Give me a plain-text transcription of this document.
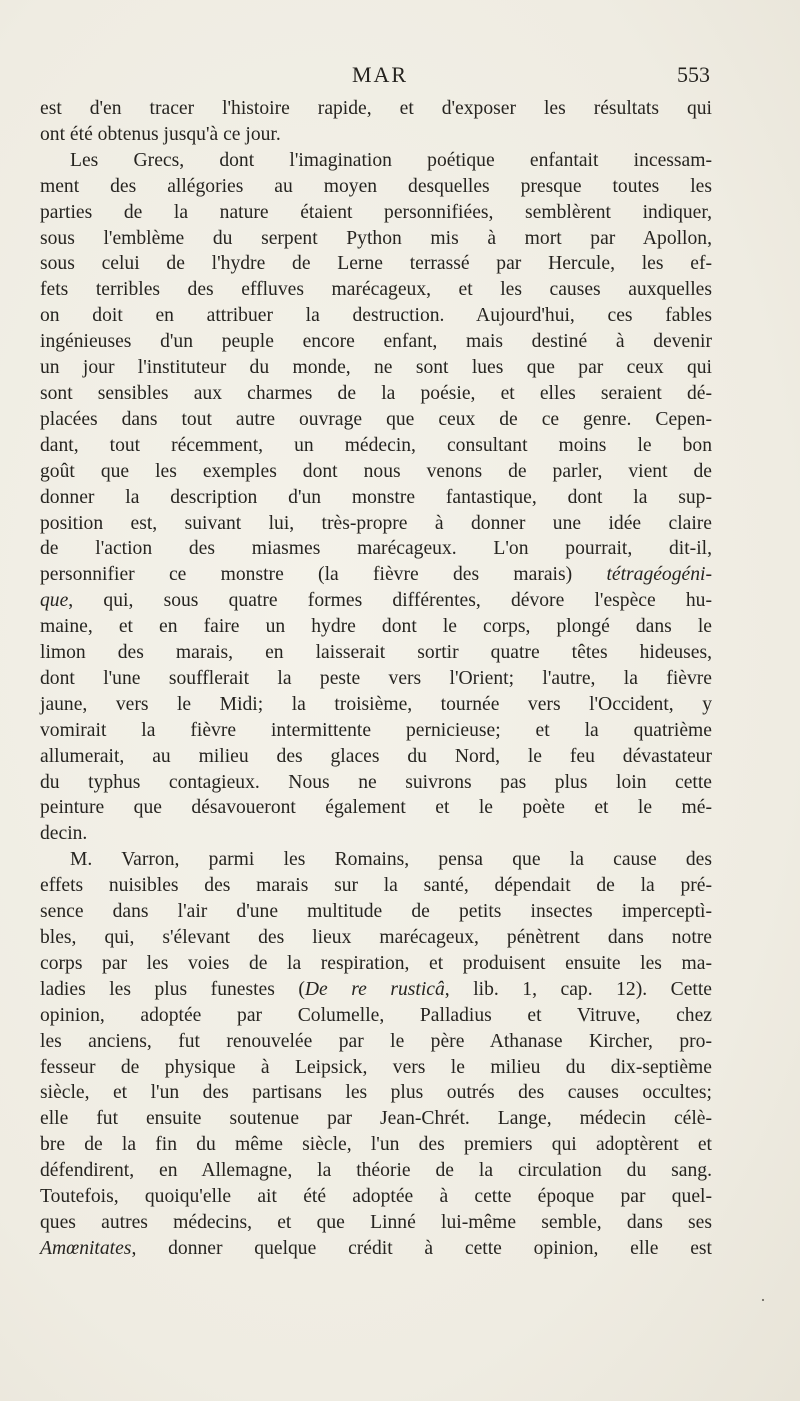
MAR	553
est d'en tracer l'histoire rapide, et d'exposer les résultats qui
ont été obtenus jusqu'à ce jour.
Les Grecs, dont l'imagination poétique enfantait incessam-
ment des allégories au moyen desquelles presque toutes les
parties de la nature étaient personnifiées, semblèrent indiquer,
sous l'emblème du serpent Python mis à mort par Apollon,
sous celui de l'hydre de Lerne terrassé par Hercule, les ef-
fets terribles des effluves marécageux, et les causes auxquelles
on doit en attribuer la destruction. Aujourd'hui, ces fables
ingénieuses d'un peuple encore enfant, mais destiné à devenir
un jour l'instituteur du monde, ne sont lues que par ceux qui
sont sensibles aux charmes de la poésie, et elles seraient dé-
placées dans tout autre ouvrage que ceux de ce genre. Cepen-
dant, tout récemment, un médecin, consultant moins le bon
goût que les exemples dont nous venons de parler, vient de
donner la description d'un monstre fantastique, dont la sup-
position est, suivant lui, très-propre à donner une idée claire
de l'action des miasmes marécageux. L'on pourrait, dit-il,
personnifier ce monstre (la fièvre des marais) tétragéogéni-
que, qui, sous quatre formes différentes, dévore l'espèce hu-
maine, et en faire un hydre dont le corps, plongé dans le
limon des marais, en laisserait sortir quatre têtes hideuses,
dont l'une soufflerait la peste vers l'Orient; l'autre, la fièvre
jaune, vers le Midi; la troisième, tournée vers l'Occident, y
vomirait la fièvre intermittente pernicieuse; et la quatrième
allumerait, au milieu des glaces du Nord, le feu dévastateur
du typhus contagieux. Nous ne suivrons pas plus loin cette
peinture que désavoueront également et le poète et le mé-
decin.
M. Varron, parmi les Romains, pensa que la cause des
effets nuisibles des marais sur la santé, dépendait de la pré-
sence dans l'air d'une multitude de petits insectes imperceptì-
bles, qui, s'élevant des lieux marécageux, pénètrent dans notre
corps par les voies de la respiration, et produisent ensuite les ma-
ladies les plus funestes (De re rusticâ, lib. 1, cap. 12). Cette
opinion, adoptée par Columelle, Palladius et Vitruve, chez
les anciens, fut renouvelée par le père Athanase Kircher, pro-
fesseur de physique à Leipsick, vers le milieu du dix-septième
siècle, et l'un des partisans les plus outrés des causes occultes;
elle fut ensuite soutenue par Jean-Chrét. Lange, médecin célè-
bre de la fin du même siècle, l'un des premiers qui adoptèrent et
défendirent, en Allemagne, la théorie de la circulation du sang.
Toutefois, quoiqu'elle ait été adoptée à cette époque par quel-
ques autres médecins, et que Linné lui-même semble, dans ses
Amœnitates, donner quelque crédit à cette opinion, elle est
·
